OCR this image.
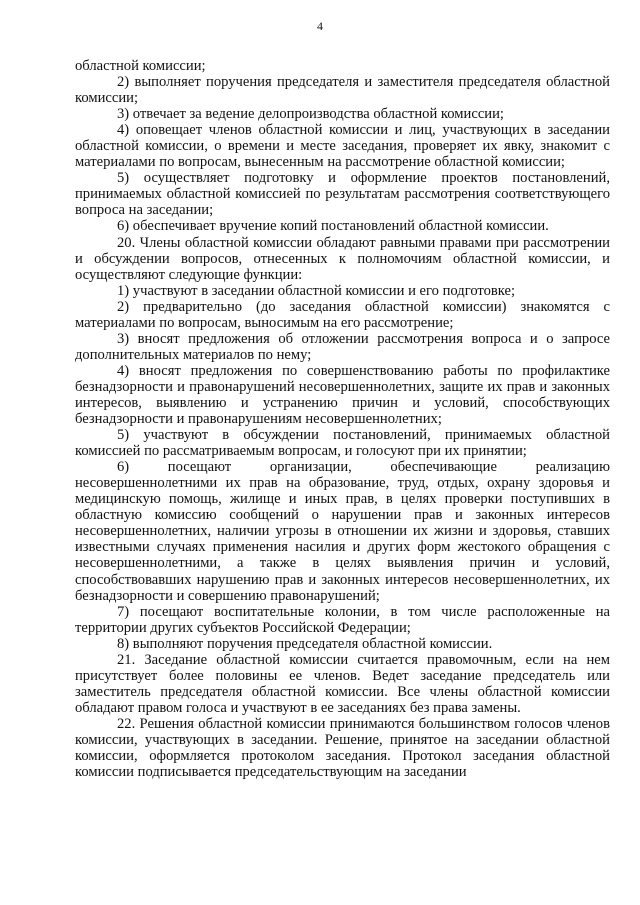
4

областной комиссии;

2) выполняет поручения председателя и заместителя председателя областной комиссии;

3) отвечает за ведение делопроизводства областной комиссии;

4) оповещает членов областной комиссии и лиц, участвующих в заседании областной комиссии, о времени и месте заседания, проверяет их явку, знакомит с материалами по вопросам, вынесенным на рассмотрение областной комиссии;

5) осуществляет подготовку и оформление проектов постановлений, принимаемых областной комиссией по результатам рассмотрения соответствующего вопроса на заседании;

6) обеспечивает вручение копий постановлений областной комиссии.

20. Члены областной комиссии обладают равными правами при рассмотрении и обсуждении вопросов, отнесенных к полномочиям областной комиссии, и осуществляют следующие функции:

1) участвуют в заседании областной комиссии и его подготовке;

2) предварительно (до заседания областной комиссии) знакомятся с материалами по вопросам, выносимым на его рассмотрение;

3) вносят предложения об отложении рассмотрения вопроса и о запросе дополнительных материалов по нему;

4) вносят предложения по совершенствованию работы по профилактике безнадзорности и правонарушений несовершеннолетних, защите их прав и законных интересов, выявлению и устранению причин и условий, способствующих безнадзорности и правонарушениям несовершеннолетних;

5) участвуют в обсуждении постановлений, принимаемых областной комиссией по рассматриваемым вопросам, и голосуют при их принятии;

6) посещают организации, обеспечивающие реализацию несовершеннолетними их прав на образование, труд, отдых, охрану здоровья и медицинскую помощь, жилище и иных прав, в целях проверки поступивших в областную комиссию сообщений о нарушении прав и законных интересов несовершеннолетних, наличии угрозы в отношении их жизни и здоровья, ставших известными случаях применения насилия и других форм жестокого обращения с несовершеннолетними, а также в целях выявления причин и условий, способствовавших нарушению прав и законных интересов несовершеннолетних, их безнадзорности и совершению правонарушений;

7) посещают воспитательные колонии, в том числе расположенные на территории других субъектов Российской Федерации;

8) выполняют поручения председателя областной комиссии.

21. Заседание областной комиссии считается правомочным, если на нем присутствует более половины ее членов. Ведет заседание председатель или заместитель председателя областной комиссии. Все члены областной комиссии обладают правом голоса и участвуют в ее заседаниях без права замены.

22. Решения областной комиссии принимаются большинством голосов членов комиссии, участвующих в заседании. Решение, принятое на заседании областной комиссии, оформляется протоколом заседания. Протокол заседания областной комиссии подписывается председательствующим на заседании
